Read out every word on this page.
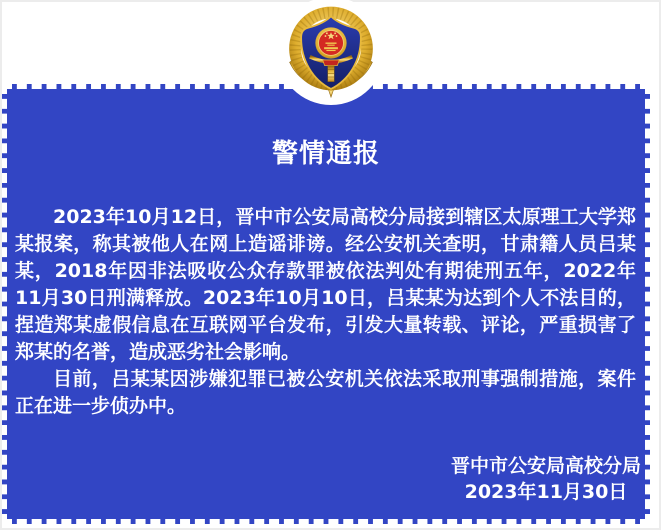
警情通报

2023年10月12日，晋中市公安局高校分局接到辖区太原理工大学郑某报案，称其被他人在网上造谣诽谤。经公安机关查明，甘肃籍人员吕某某，2018年因非法吸收公众存款罪被依法判处有期徒刑五年，2022年11月30日刑满释放。2023年10月10日，吕某某为达到个人不法目的，捏造郑某虚假信息在互联网平台发布，引发大量转载、评论，严重损害了郑某的名誉，造成恶劣社会影响。

目前，吕某某因涉嫌犯罪已被公安机关依法采取刑事强制措施，案件正在进一步侦办中。

晋中市公安局高校分局
2023年11月30日
